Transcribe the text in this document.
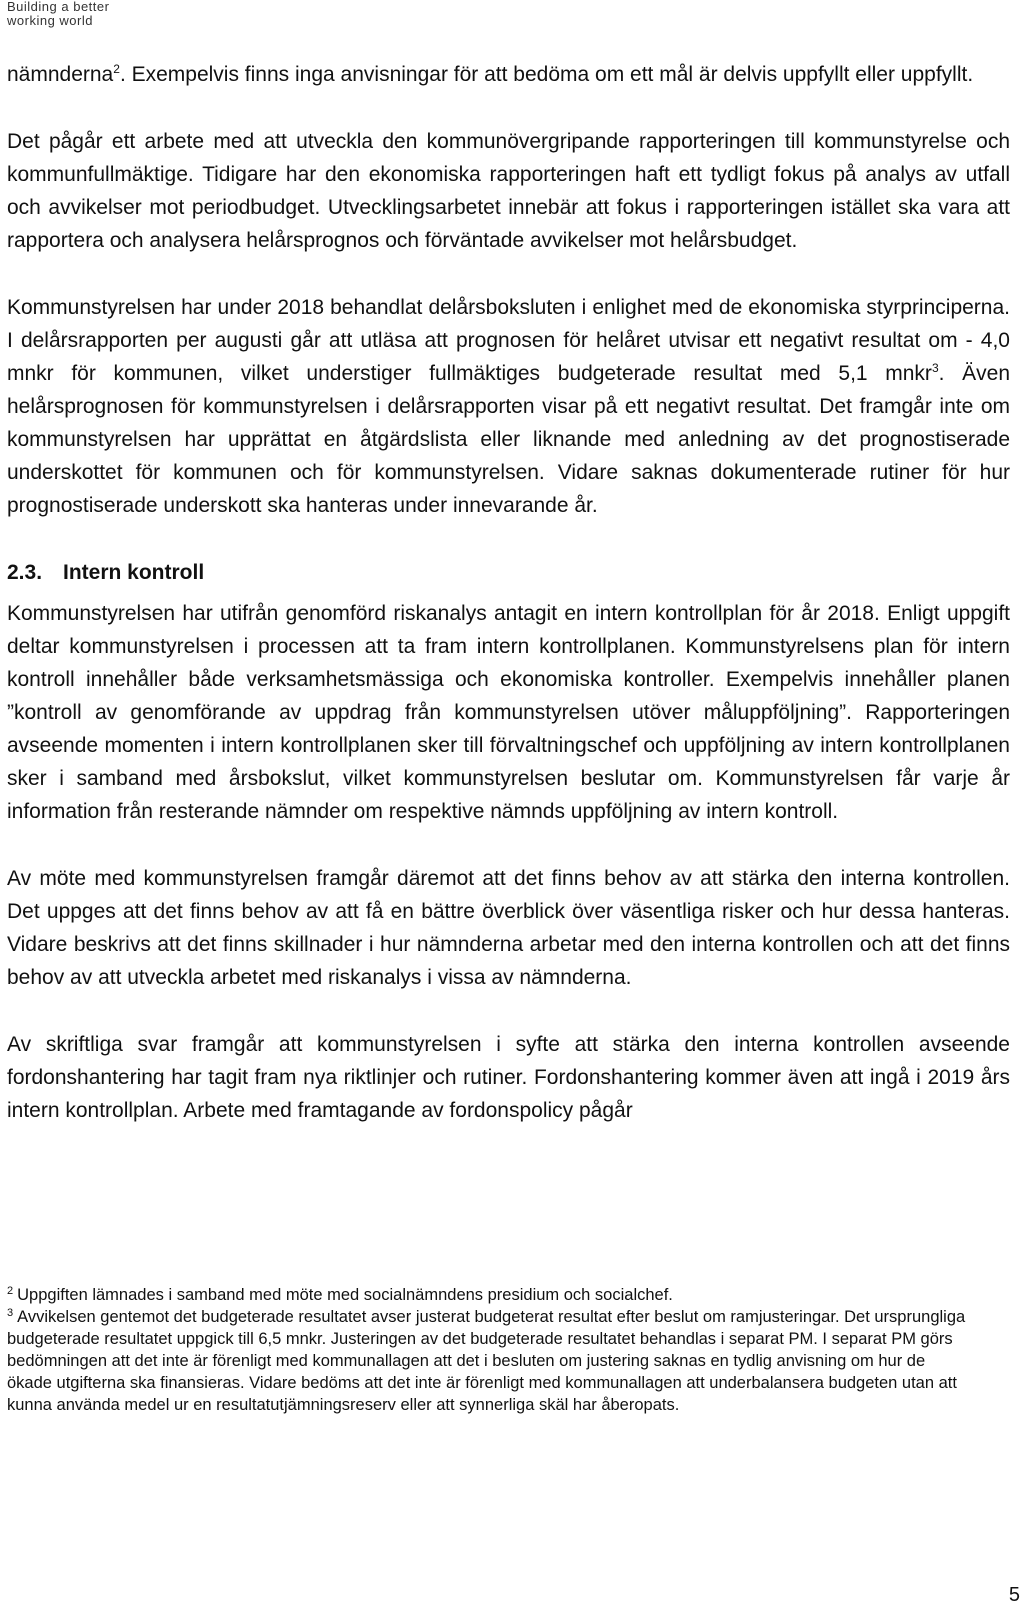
Building a better
working world

nämnderna$^2$. Exempelvis finns inga anvisningar för att bedöma om ett mål är delvis uppfyllt eller uppfyllt.

Det pågår ett arbete med att utveckla den kommunövergripande rapporteringen till kommunstyrelse och kommunfullmäktige. Tidigare har den ekonomiska rapporteringen haft ett tydligt fokus på analys av utfall och avvikelser mot periodbudget. Utvecklingsarbetet innebär att fokus i rapporteringen istället ska vara att rapportera och analysera helårsprognos och förväntade avvikelser mot helårsbudget.

Kommunstyrelsen har under 2018 behandlat delårsboksluten i enlighet med de ekonomiska styrprinciperna. I delårsrapporten per augusti går att utläsa att prognosen för helåret utvisar ett negativt resultat om - 4,0 mnkr för kommunen, vilket understiger fullmäktiges budgeterade resultat med 5,1 mnkr$^3$. Även helårsprognosen för kommunstyrelsen i delårsrapporten visar på ett negativt resultat. Det framgår inte om kommunstyrelsen har upprättat en åtgärdslista eller liknande med anledning av det prognostiserade underskottet för kommunen och för kommunstyrelsen. Vidare saknas dokumenterade rutiner för hur prognostiserade underskott ska hanteras under innevarande år.

2.3. Intern kontroll

Kommunstyrelsen har utifrån genomförd riskanalys antagit en intern kontrollplan för år 2018. Enligt uppgift deltar kommunstyrelsen i processen att ta fram intern kontrollplanen. Kommunstyrelsens plan för intern kontroll innehåller både verksamhetsmässiga och ekonomiska kontroller. Exempelvis innehåller planen ”kontroll av genomförande av uppdrag från kommunstyrelsen utöver måluppföljning”. Rapporteringen avseende momenten i intern kontrollplanen sker till förvaltningschef och uppföljning av intern kontrollplanen sker i samband med årsbokslut, vilket kommunstyrelsen beslutar om. Kommunstyrelsen får varje år information från resterande nämnder om respektive nämnds uppföljning av intern kontroll.

Av möte med kommunstyrelsen framgår däremot att det finns behov av att stärka den interna kontrollen. Det uppges att det finns behov av att få en bättre överblick över väsentliga risker och hur dessa hanteras. Vidare beskrivs att det finns skillnader i hur nämnderna arbetar med den interna kontrollen och att det finns behov av att utveckla arbetet med riskanalys i vissa av nämnderna.

Av skriftliga svar framgår att kommunstyrelsen i syfte att stärka den interna kontrollen avseende fordonshantering har tagit fram nya riktlinjer och rutiner. Fordonshantering kommer även att ingå i 2019 års intern kontrollplan. Arbete med framtagande av fordonspolicy pågår

$^2$ Uppgiften lämnades i samband med möte med socialnämndens presidium och socialchef.

$^3$ Avvikelsen gentemot det budgeterade resultatet avser justerat budgeterat resultat efter beslut om ramjusteringar. Det ursprungliga budgeterade resultatet uppgick till 6,5 mnkr. Justeringen av det budgeterade resultatet behandlas i separat PM. I separat PM görs bedömningen att det inte är förenligt med kommunallagen att det i besluten om justering saknas en tydlig anvisning om hur de ökade utgifterna ska finansieras. Vidare bedöms att det inte är förenligt med kommunallagen att underbalansera budgeten utan att kunna använda medel ur en resultatutjämningsreserv eller att synnerliga skäl har åberopats.

5
